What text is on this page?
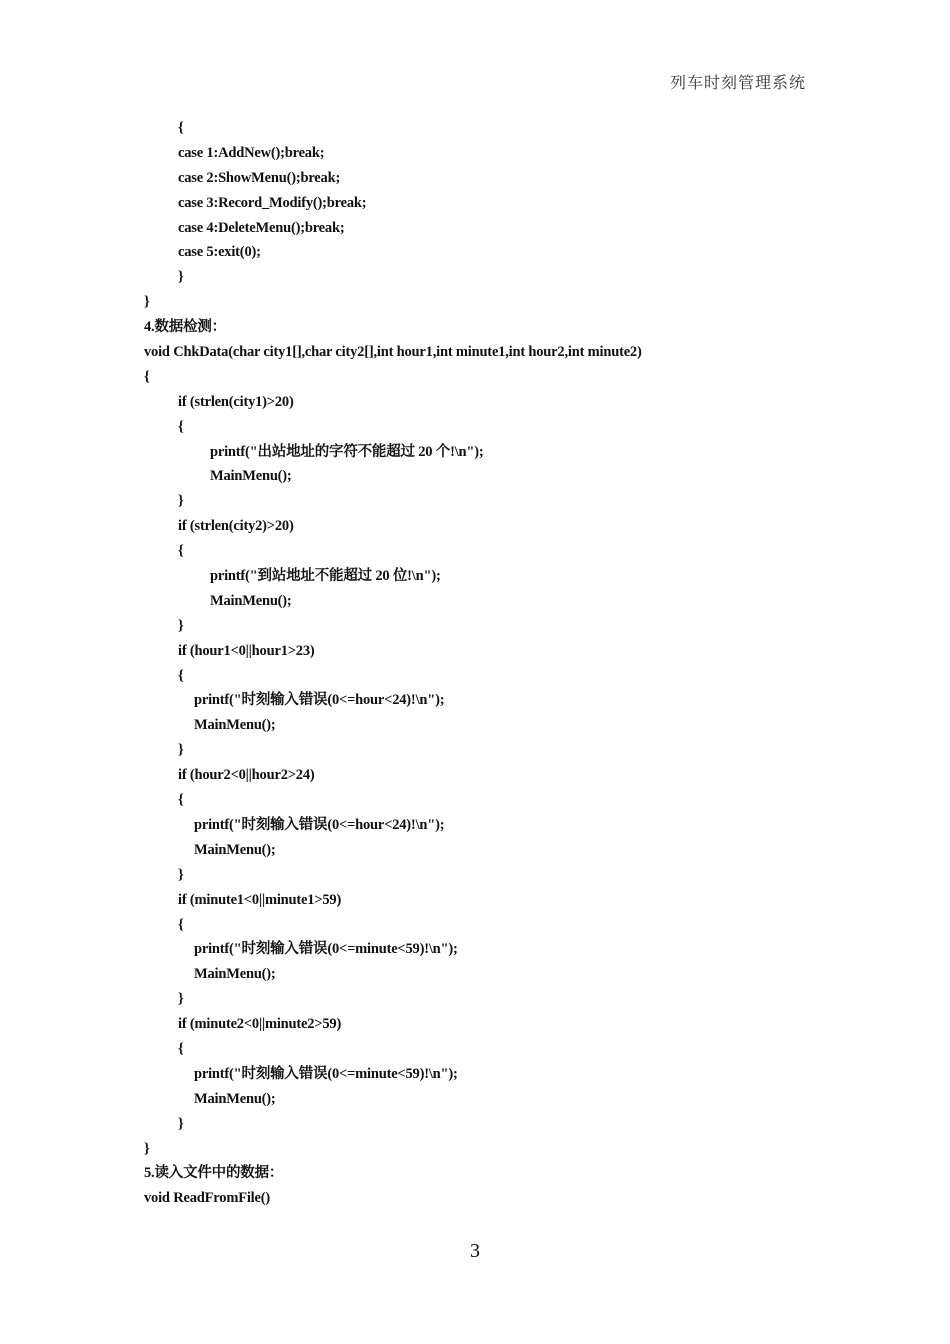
列车时刻管理系统
{
case 1:AddNew();break;
case 2:ShowMenu();break;
case 3:Record_Modify();break;
case 4:DeleteMenu();break;
case 5:exit(0);
}
}
4.数据检测：
void ChkData(char city1[],char city2[],int hour1,int minute1,int hour2,int minute2)
{
if (strlen(city1)>20)
{
printf("出站地址的字符不能超过 20 个!\n");
MainMenu();
}
if (strlen(city2)>20)
{
printf("到站地址不能超过 20 位!\n");
MainMenu();
}
if (hour1<0||hour1>23)
{
printf("时刻输入错误(0<=hour<24)!\n");
MainMenu();
}
if (hour2<0||hour2>24)
{
printf("时刻输入错误(0<=hour<24)!\n");
MainMenu();
}
if (minute1<0||minute1>59)
{
printf("时刻输入错误(0<=minute<59)!\n");
MainMenu();
}
if (minute2<0||minute2>59)
{
printf("时刻输入错误(0<=minute<59)!\n");
MainMenu();
}
}
5.读入文件中的数据：
void ReadFromFile()
3
